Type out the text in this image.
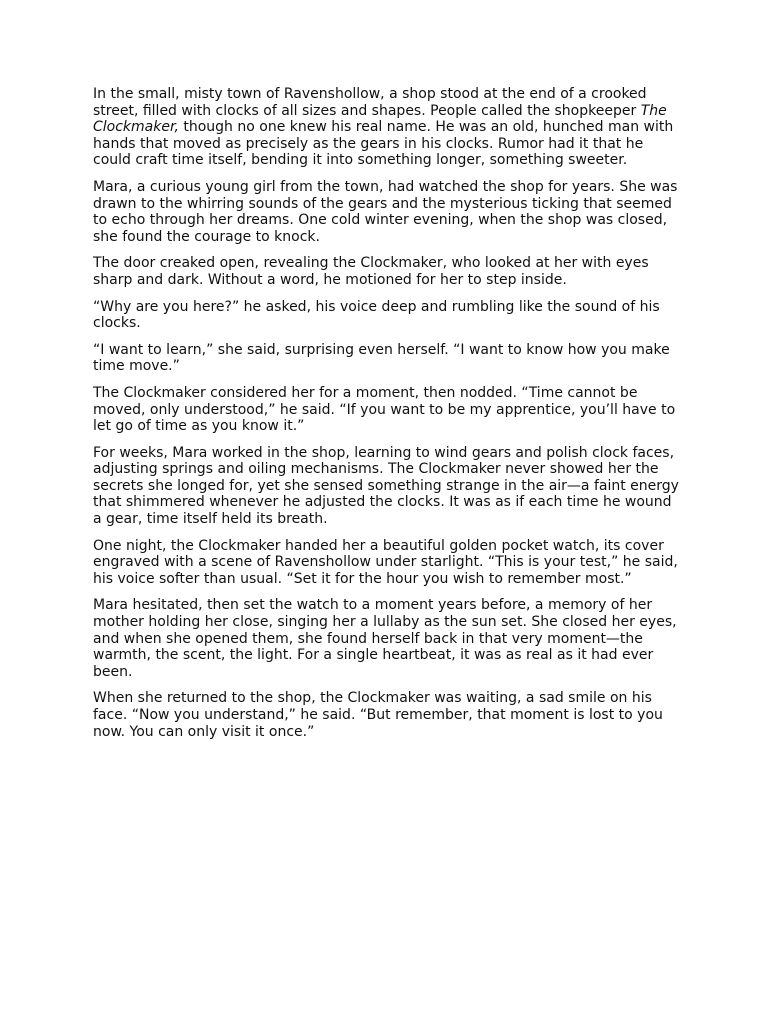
In the small, misty town of Ravenshollow, a shop stood at the end of a crooked street, filled with clocks of all sizes and shapes. People called the shopkeeper The Clockmaker, though no one knew his real name. He was an old, hunched man with hands that moved as precisely as the gears in his clocks. Rumor had it that he could craft time itself, bending it into something longer, something sweeter.

Mara, a curious young girl from the town, had watched the shop for years. She was drawn to the whirring sounds of the gears and the mysterious ticking that seemed to echo through her dreams. One cold winter evening, when the shop was closed, she found the courage to knock.

The door creaked open, revealing the Clockmaker, who looked at her with eyes sharp and dark. Without a word, he motioned for her to step inside.

“Why are you here?” he asked, his voice deep and rumbling like the sound of his clocks.

“I want to learn,” she said, surprising even herself. “I want to know how you make time move.”

The Clockmaker considered her for a moment, then nodded. “Time cannot be moved, only understood,” he said. “If you want to be my apprentice, you’ll have to let go of time as you know it.”

For weeks, Mara worked in the shop, learning to wind gears and polish clock faces, adjusting springs and oiling mechanisms. The Clockmaker never showed her the secrets she longed for, yet she sensed something strange in the air—a faint energy that shimmered whenever he adjusted the clocks. It was as if each time he wound a gear, time itself held its breath.

One night, the Clockmaker handed her a beautiful golden pocket watch, its cover engraved with a scene of Ravenshollow under starlight. “This is your test,” he said, his voice softer than usual. “Set it for the hour you wish to remember most.”

Mara hesitated, then set the watch to a moment years before, a memory of her mother holding her close, singing her a lullaby as the sun set. She closed her eyes, and when she opened them, she found herself back in that very moment—the warmth, the scent, the light. For a single heartbeat, it was as real as it had ever been.

When she returned to the shop, the Clockmaker was waiting, a sad smile on his face. “Now you understand,” he said. “But remember, that moment is lost to you now. You can only visit it once.”
